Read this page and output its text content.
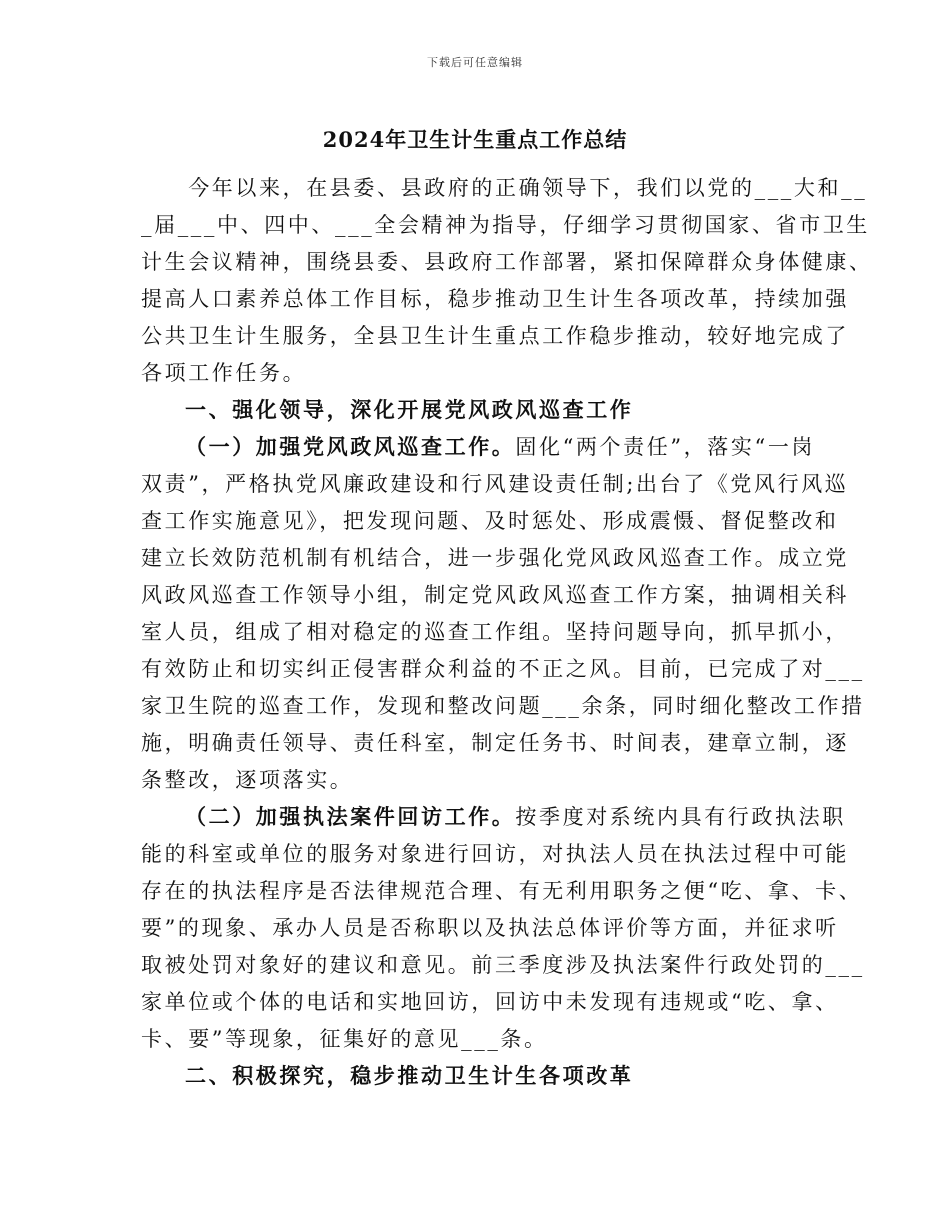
下载后可任意编辑
2024年卫生计生重点工作总结
　　今年以来，在县委、县政府的正确领导下，我们以党的___大和__
_届___中、四中、___全会精神为指导，仔细学习贯彻国家、省市卫生
计生会议精神，围绕县委、县政府工作部署，紧扣保障群众身体健康、
提高人口素养总体工作目标，稳步推动卫生计生各项改革，持续加强
公共卫生计生服务，全县卫生计生重点工作稳步推动，较好地完成了
各项工作任务。
一、强化领导，深化开展党风政风巡查工作
（一）加强党风政风巡查工作。固化“两个责任”，落实“一岗
双责”，严格执党风廉政建设和行风建设责任制;出台了《党风行风巡
查工作实施意见》，把发现问题、及时惩处、形成震慑、督促整改和
建立长效防范机制有机结合，进一步强化党风政风巡查工作。成立党
风政风巡查工作领导小组，制定党风政风巡查工作方案，抽调相关科
室人员，组成了相对稳定的巡查工作组。坚持问题导向，抓早抓小，
有效防止和切实纠正侵害群众利益的不正之风。目前，已完成了对___
家卫生院的巡查工作，发现和整改问题___余条，同时细化整改工作措
施，明确责任领导、责任科室，制定任务书、时间表，建章立制，逐
条整改，逐项落实。
（二）加强执法案件回访工作。按季度对系统内具有行政执法职
能的科室或单位的服务对象进行回访，对执法人员在执法过程中可能
存在的执法程序是否法律规范合理、有无利用职务之便“吃、拿、卡、
要”的现象、承办人员是否称职以及执法总体评价等方面，并征求听
取被处罚对象好的建议和意见。前三季度涉及执法案件行政处罚的___
家单位或个体的电话和实地回访，回访中未发现有违规或“吃、拿、
卡、要”等现象，征集好的意见___条。
二、积极探究，稳步推动卫生计生各项改革
